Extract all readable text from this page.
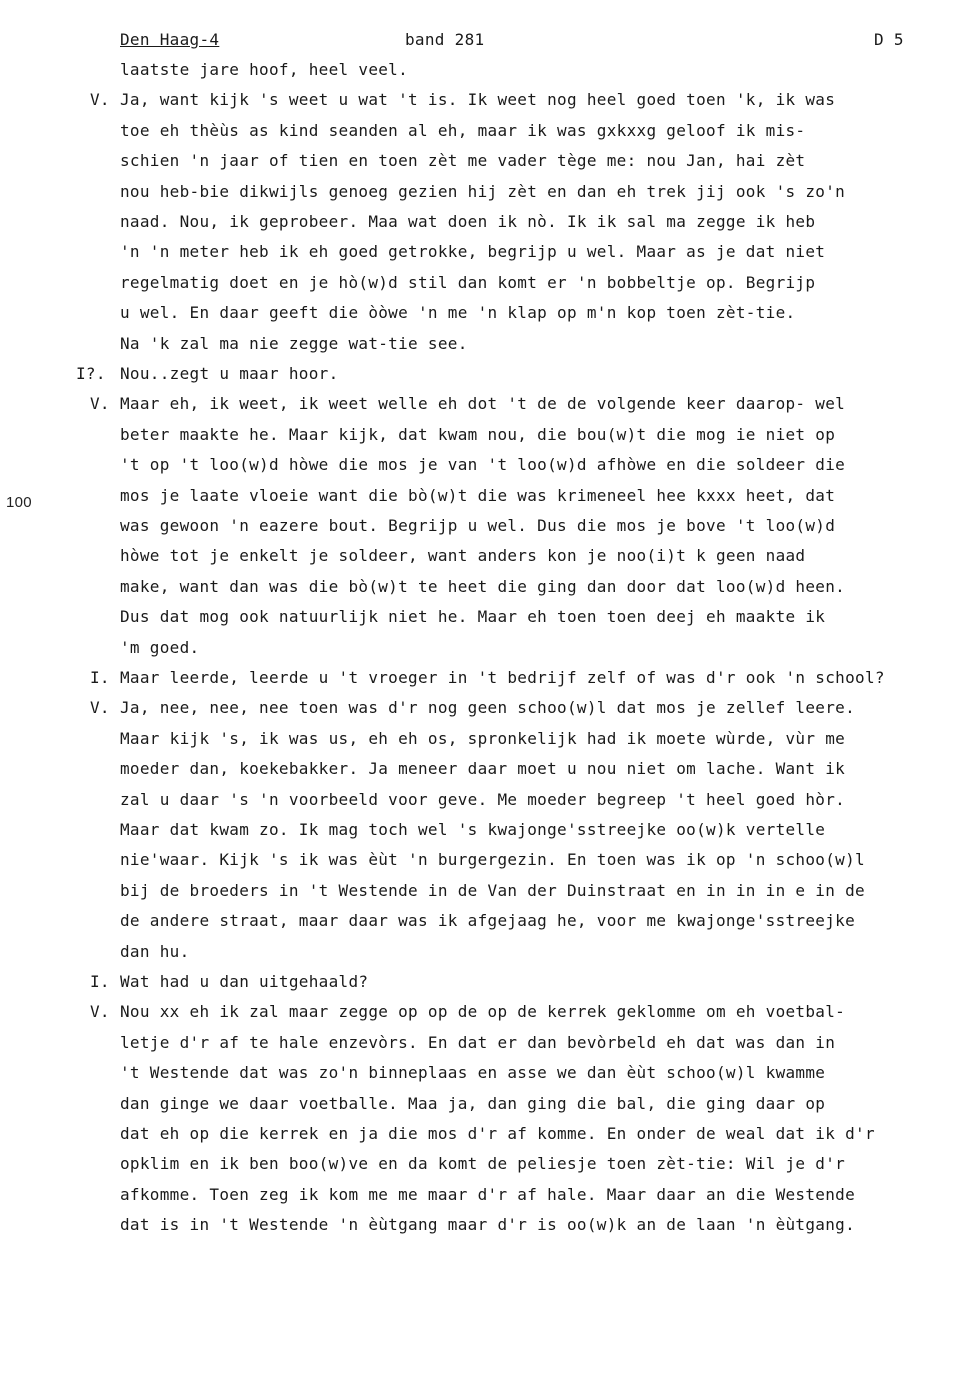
Den Haag-4	band 281	D 5
100
laatste jare hoof, heel veel.
V. Ja, want kijk 's weet u wat 't is. Ik weet nog heel goed toen 'k, ik was
toe eh thèùs as kind seanden al eh, maar ik was gxkxxg geloof ik mis-
schien 'n jaar of tien en toen zèt me vader tège me: nou Jan, hai zèt
nou heb-bie dikwijls genoeg gezien hij zèt en dan eh trek jij ook 's zo'n
naad. Nou, ik geprobeer. Maa wat doen ik nò. Ik ik sal ma zegge ik heb
'n 'n meter heb ik eh goed getrokke, begrijp u wel. Maar as je dat niet
regelmatig doet en je hò(w)d stil dan komt er 'n bobbeltje op. Begrijp
u wel. En daar geeft die òòwe 'n me 'n klap op m'n kop toen zèt-tie.
Na 'k zal ma nie zegge wat-tie see.
I?. Nou..zegt u maar hoor.
V. Maar eh, ik weet, ik weet welle eh dot 't de de volgende keer daarop- wel
beter maakte he. Maar kijk, dat kwam nou, die bou(w)t die mog ie niet op
't op 't loo(w)d hòwe die mos je van 't loo(w)d afhòwe en die soldeer die
mos je laate vloeie want die bò(w)t die was krimeneel hee kxxx heet, dat
was gewoon 'n eazere bout. Begrijp u wel. Dus die mos je bove 't loo(w)d
hòwe tot je enkelt je soldeer, want anders kon je noo(i)t k geen naad
make, want dan was die bò(w)t te heet die ging dan door dat loo(w)d heen.
Dus dat mog ook natuurlijk niet he. Maar eh toen toen deej eh maakte ik
'm goed.
I. Maar leerde, leerde u 't vroeger in 't bedrijf zelf of was d'r ook 'n school?
V. Ja, nee, nee, nee toen was d'r nog geen schoo(w)l dat mos je zellef leere.
Maar kijk 's, ik was us, eh eh os, spronkelijk had ik moete wùrde, vùr me
moeder dan, koekebakker. Ja meneer daar moet u nou niet om lache. Want ik
zal u daar 's 'n voorbeeld voor geve. Me moeder begreep 't heel goed hòr.
Maar dat kwam zo. Ik mag toch wel 's kwajonge'sstreejke oo(w)k vertelle
nie'waar. Kijk 's ik was èùt 'n burgergezin. En toen was ik op 'n schoo(w)l
bij de broeders in 't Westende in de Van der Duinstraat en in in in e in de
de andere straat, maar daar was ik afgejaag he, voor me kwajonge'sstreejke
dan hu.
I. Wat had u dan uitgehaald?
V. Nou xx eh ik zal maar zegge op op de op de kerrek geklomme om eh voetbal-
letje d'r af te hale enzevòrs. En dat er dan bevòrbeld eh dat was dan in
't Westende dat was zo'n binneplaas en asse we dan èùt schoo(w)l kwamme
dan ginge we daar voetballe. Maa ja, dan ging die bal, die ging daar op
dat eh op die kerrek en ja die mos d'r af komme. En onder de weal dat ik d'r
opklim en ik ben boo(w)ve en da komt de peliesje toen zèt-tie: Wil je d'r
afkomme. Toen zeg ik kom me me maar d'r af hale. Maar daar an die Westende
dat is in 't Westende 'n èùtgang maar d'r is oo(w)k an de laan 'n èùtgang.
